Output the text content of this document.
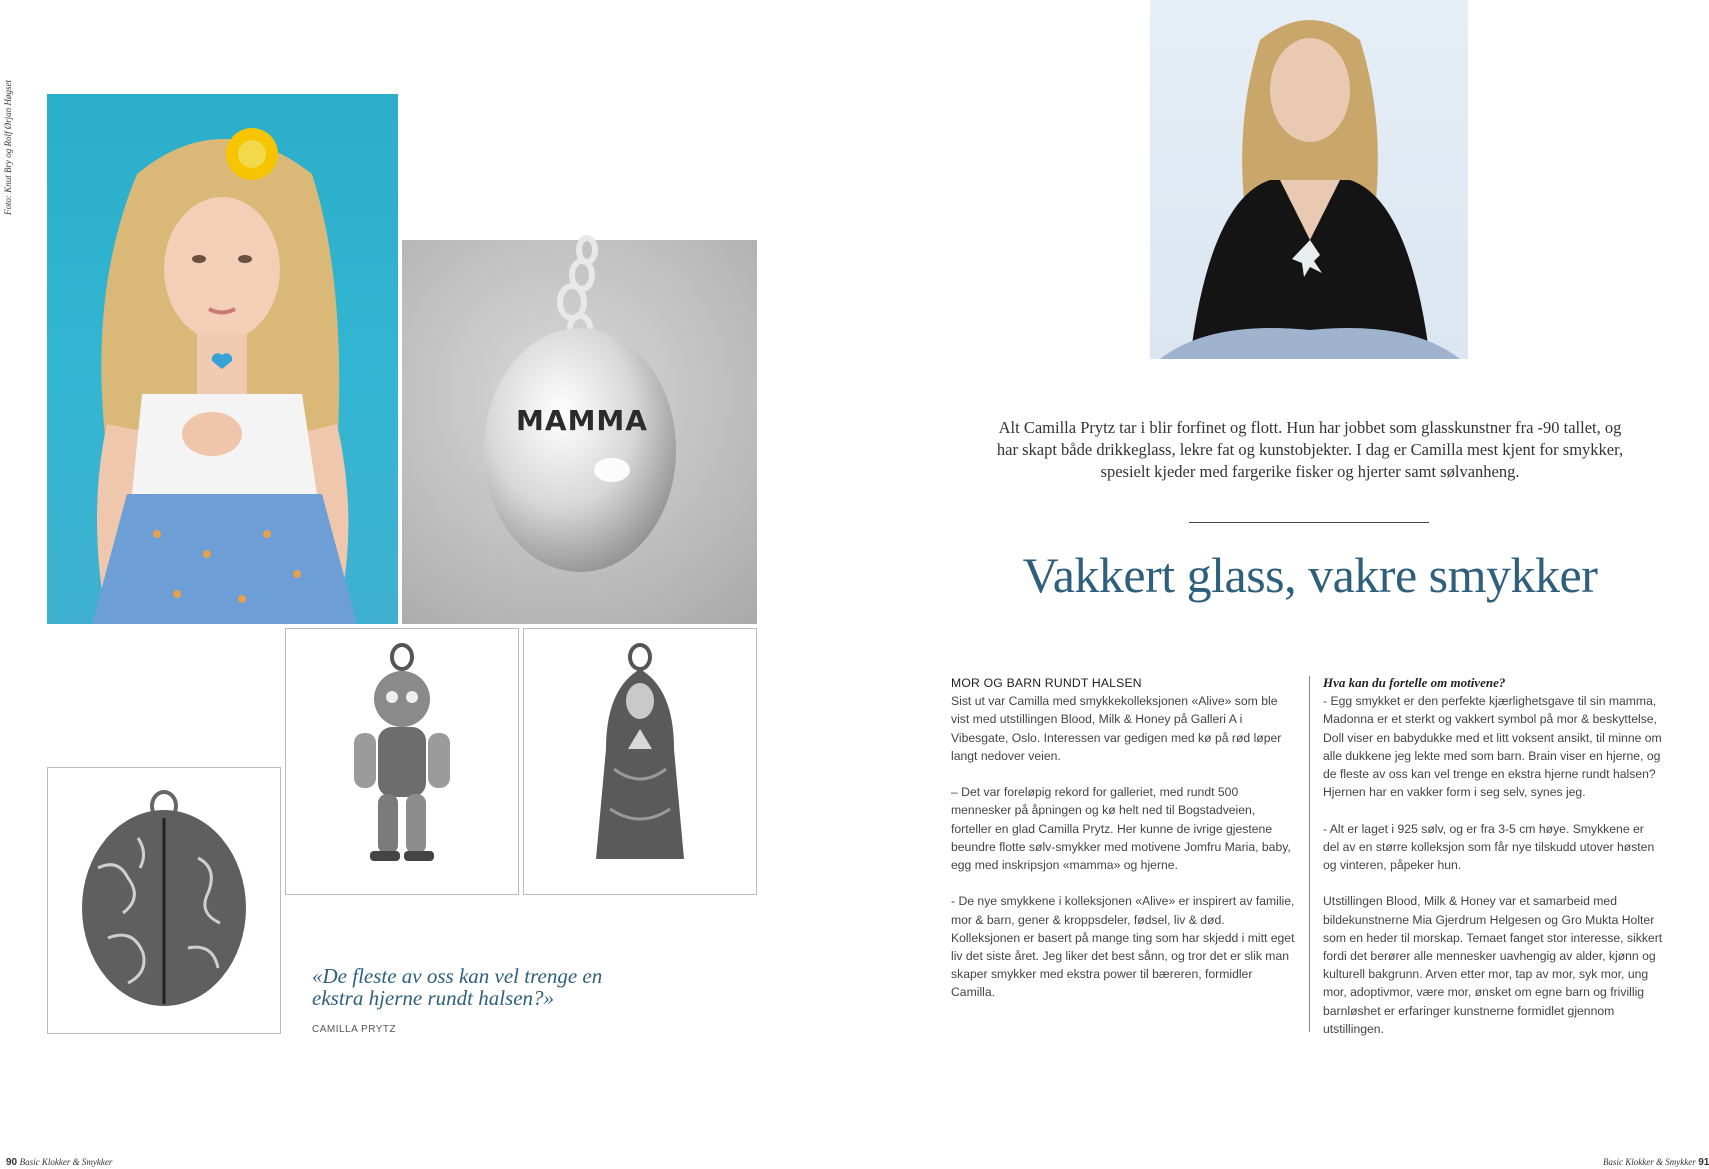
Foto: Knut Bry og Rolf Ørjan Høgset
MAMMA
«De fleste av oss kan vel trenge en ekstra hjerne rundt halsen?»
CAMILLA PRYTZ
Alt Camilla Prytz tar i blir forfinet og flott. Hun har jobbet som glasskunstner fra -90 tallet, og har skapt både drikkeglass, lekre fat og kunstobjekter. I dag er Camilla mest kjent for smykker, spesielt kjeder med fargerike fisker og hjerter samt sølvanheng.
Vakkert glass, vakre smykker
MOR OG BARN RUNDT HALSEN

Sist ut var Camilla med smykkekolleksjonen «Alive» som ble vist med utstillingen Blood, Milk & Honey på Galleri A i Vibesgate, Oslo. Interessen var gedigen med kø på rød løper langt nedover veien.

– Det var foreløpig rekord for galleriet, med rundt 500 mennesker på åpningen og kø helt ned til Bogstadveien, forteller en glad Camilla Prytz. Her kunne de ivrige gjestene beundre flotte sølv-smykker med motivene Jomfru Maria, baby, egg med inskripsjon «mamma» og hjerne.

- De nye smykkene i kolleksjonen «Alive» er inspirert av familie, mor & barn, gener & kroppsdeler, fødsel, liv & død. Kolleksjonen er basert på mange ting som har skjedd i mitt eget liv det siste året. Jeg liker det best sånn, og tror det er slik man skaper smykker med ekstra power til bæreren, formidler Camilla.

Hva kan du fortelle om motivene?

- Egg smykket er den perfekte kjærlighetsgave til sin mamma, Madonna er et sterkt og vakkert symbol på mor & beskyttelse, Doll viser en babydukke med et litt voksent ansikt, til minne om alle dukkene jeg lekte med som barn. Brain viser en hjerne, og de fleste av oss kan vel trenge en ekstra hjerne rundt halsen? Hjernen har en vakker form i seg selv, synes jeg.

- Alt er laget i 925 sølv, og er fra 3-5 cm høye. Smykkene er del av en større kolleksjon som får nye tilskudd utover høsten og vinteren, påpeker hun.

Utstillingen Blood, Milk & Honey var et samarbeid med bildekunstnerne Mia Gjerdrum Helgesen og Gro Mukta Holter som en heder til morskap. Temaet fanget stor interesse, sikkert fordi det berører alle mennesker uavhengig av alder, kjønn og kulturell bakgrunn. Arven etter mor, tap av mor, syk mor, ung mor, adoptivmor, være mor, ønsket om egne barn og frivillig barnløshet er erfaringer kunstnerne formidlet gjennom utstillingen.

90 Basic Klokker & Smykker	Basic Klokker & Smykker 91
